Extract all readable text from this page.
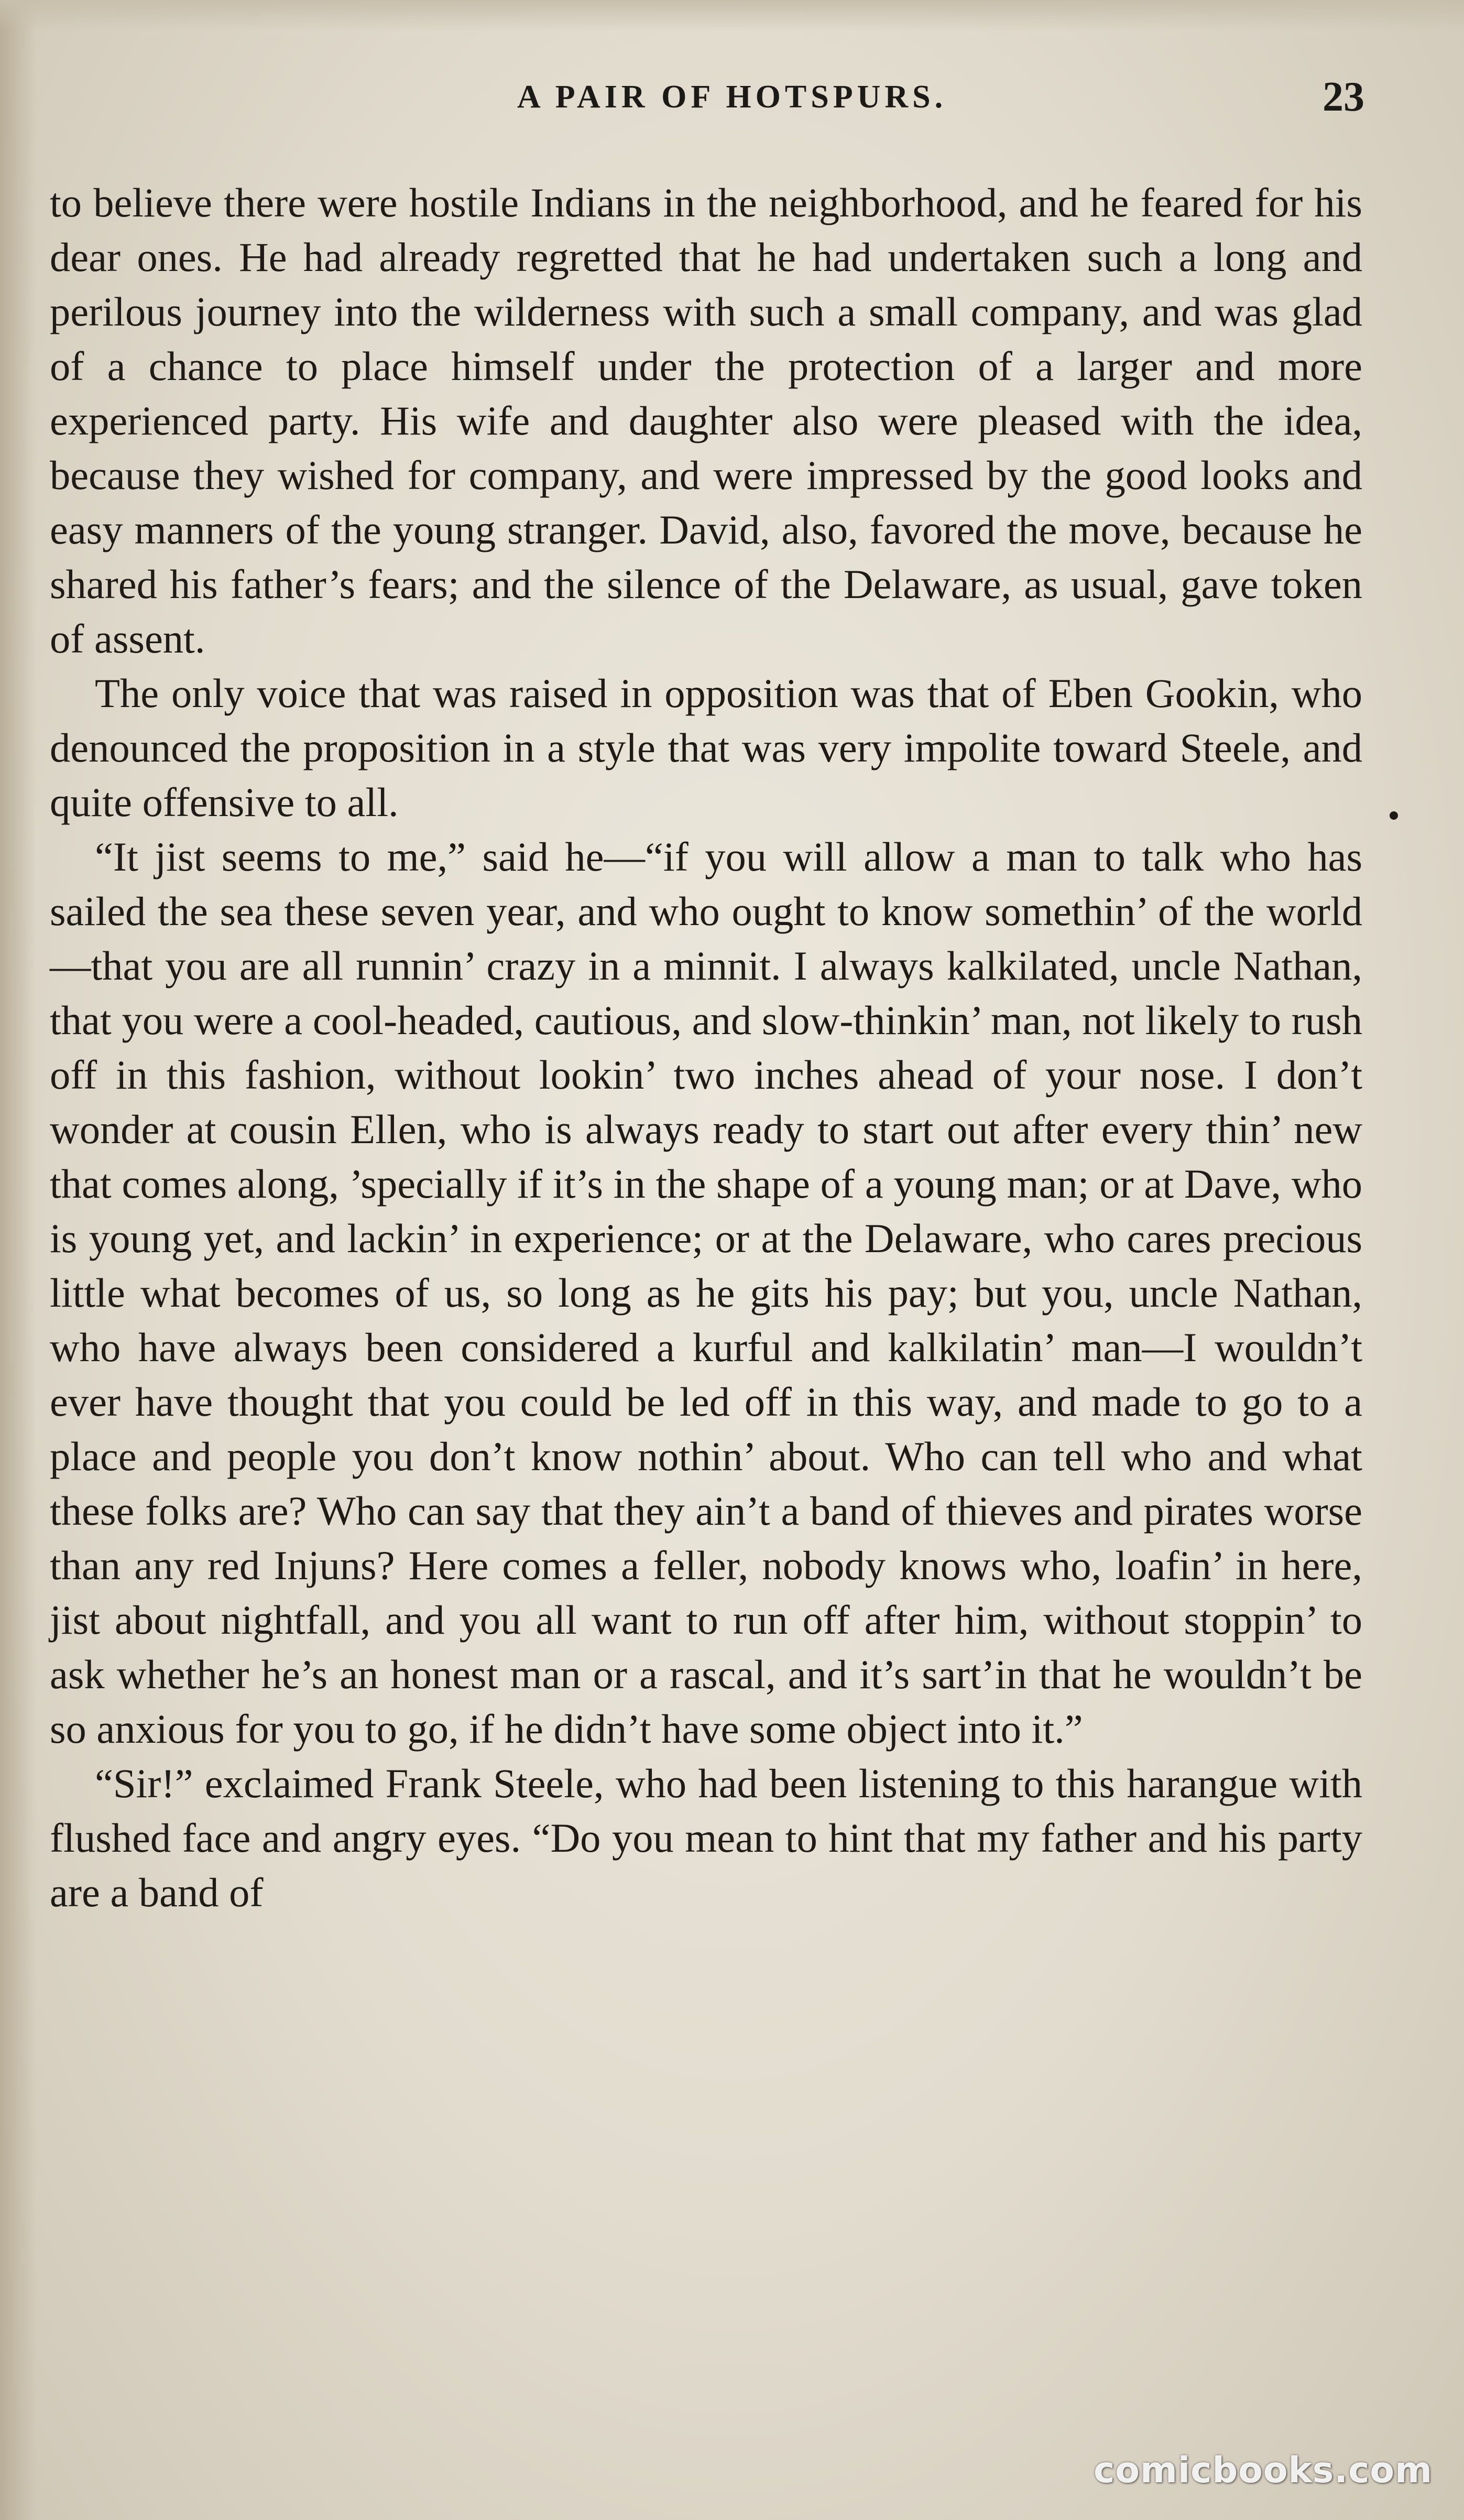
A PAIR OF HOTSPURS.	23

to believe there were hostile Indians in the neighborhood, and he feared for his dear ones. He had already regretted that he had undertaken such a long and perilous journey into the wilderness with such a small company, and was glad of a chance to place himself under the protection of a larger and more experienced party. His wife and daughter also were pleased with the idea, because they wished for company, and were impressed by the good looks and easy manners of the young stranger. David, also, favored the move, because he shared his father’s fears; and the silence of the Delaware, as usual, gave token of assent.

The only voice that was raised in opposition was that of Eben Gookin, who denounced the proposition in a style that was very impolite toward Steele, and quite offensive to all.

“It jist seems to me,” said he—“if you will allow a man to talk who has sailed the sea these seven year, and who ought to know somethin’ of the world—that you are all runnin’ crazy in a minnit. I always kalkilated, uncle Nathan, that you were a cool-headed, cautious, and slow-thinkin’ man, not likely to rush off in this fashion, without lookin’ two inches ahead of your nose. I don’t wonder at cousin Ellen, who is always ready to start out after every thin’ new that comes along, ’specially if it’s in the shape of a young man; or at Dave, who is young yet, and lackin’ in experience; or at the Delaware, who cares precious little what becomes of us, so long as he gits his pay; but you, uncle Nathan, who have always been considered a kurful and kalkilatin’ man—I wouldn’t ever have thought that you could be led off in this way, and made to go to a place and people you don’t know nothin’ about. Who can tell who and what these folks are? Who can say that they ain’t a band of thieves and pirates worse than any red Injuns? Here comes a feller, nobody knows who, loafin’ in here, jist about nightfall, and you all want to run off after him, without stoppin’ to ask whether he’s an honest man or a rascal, and it’s sart’in that he wouldn’t be so anxious for you to go, if he didn’t have some object into it.”

“Sir!” exclaimed Frank Steele, who had been listening to this harangue with flushed face and angry eyes. “Do you mean to hint that my father and his party are a band of

comicbooks.com
